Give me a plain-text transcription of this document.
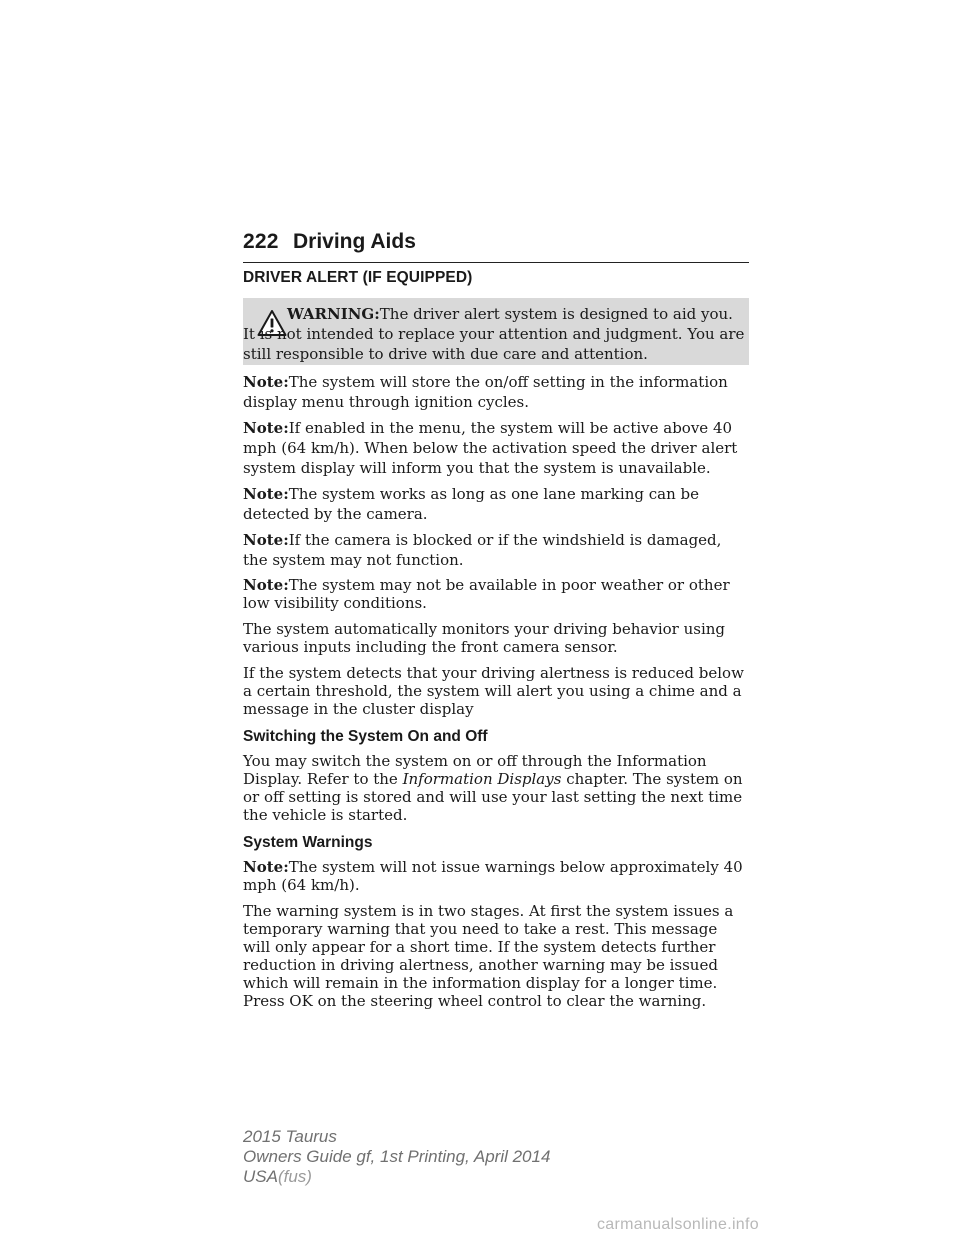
222 Driving Aids
DRIVER ALERT (IF EQUIPPED)
WARNING:The driver alert system is designed to aid you. It is not intended to replace your attention and judgment. You are still responsible to drive with due care and attention.

Note:The system will store the on/off setting in the information display menu through ignition cycles.

Note:If enabled in the menu, the system will be active above 40 mph (64 km/h). When below the activation speed the driver alert system display will inform you that the system is unavailable.

Note:The system works as long as one lane marking can be detected by the camera.

Note:If the camera is blocked or if the windshield is damaged, the system may not function.

Note:The system may not be available in poor weather or other low visibility conditions.

The system automatically monitors your driving behavior using various inputs including the front camera sensor.

If the system detects that your driving alertness is reduced below a certain threshold, the system will alert you using a chime and a message in the cluster display

Switching the System On and Off

You may switch the system on or off through the Information Display. Refer to the Information Displays chapter. The system on or off setting is stored and will use your last setting the next time the vehicle is started.

System Warnings

Note:The system will not issue warnings below approximately 40 mph (64 km/h).

The warning system is in two stages. At first the system issues a temporary warning that you need to take a rest. This message will only appear for a short time. If the system detects further reduction in driving alertness, another warning may be issued which will remain in the information display for a longer time. Press OK on the steering wheel control to clear the warning.

2015 Taurus
Owners Guide gf, 1st Printing, April 2014
USA(fus)
carmanualsonline.info
